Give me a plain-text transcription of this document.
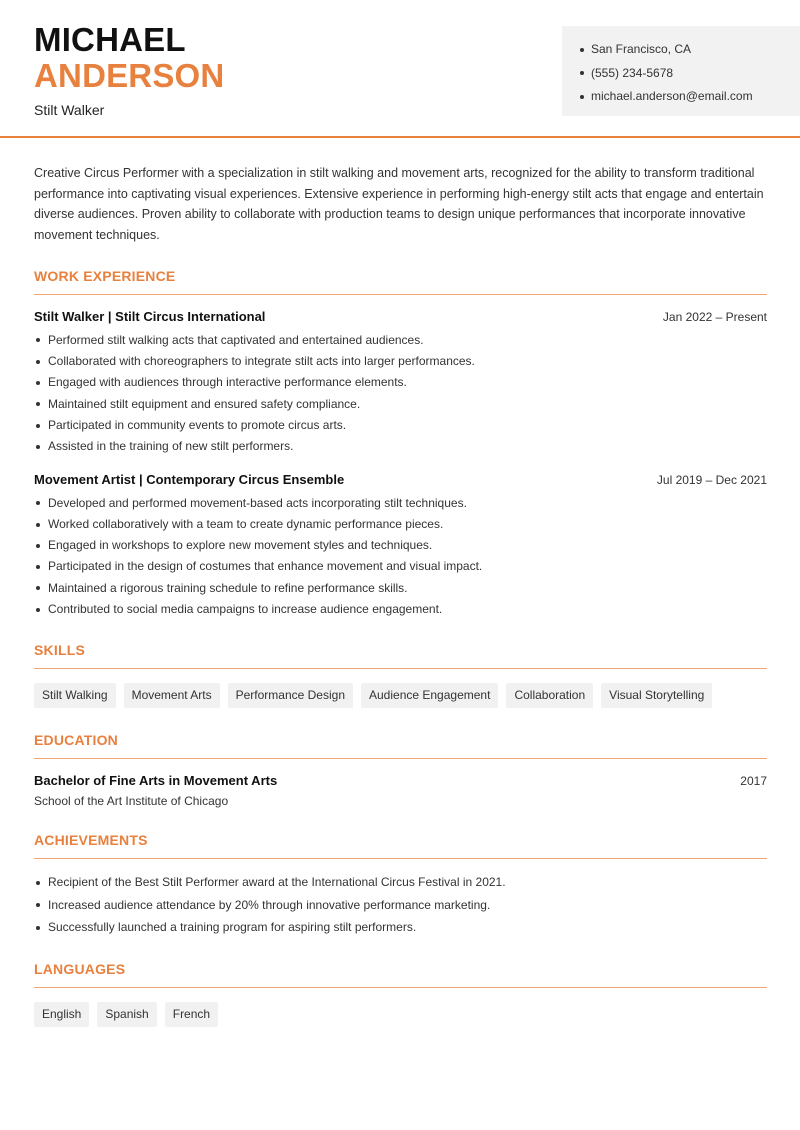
MICHAEL
ANDERSON
Stilt Walker
San Francisco, CA
(555) 234-5678
michael.anderson@email.com

Creative Circus Performer with a specialization in stilt walking and movement arts, recognized for the ability to transform traditional performance into captivating visual experiences. Extensive experience in performing high-energy stilt acts that engage and entertain diverse audiences. Proven ability to collaborate with production teams to design unique performances that incorporate innovative movement techniques.

WORK EXPERIENCE
Stilt Walker | Stilt Circus International	Jan 2022 – Present
Performed stilt walking acts that captivated and entertained audiences.
Collaborated with choreographers to integrate stilt acts into larger performances.
Engaged with audiences through interactive performance elements.
Maintained stilt equipment and ensured safety compliance.
Participated in community events to promote circus arts.
Assisted in the training of new stilt performers.
Movement Artist | Contemporary Circus Ensemble	Jul 2019 – Dec 2021
Developed and performed movement-based acts incorporating stilt techniques.
Worked collaboratively with a team to create dynamic performance pieces.
Engaged in workshops to explore new movement styles and techniques.
Participated in the design of costumes that enhance movement and visual impact.
Maintained a rigorous training schedule to refine performance skills.
Contributed to social media campaigns to increase audience engagement.
SKILLS
Stilt Walking	Movement Arts	Performance Design	Audience Engagement	Collaboration	Visual Storytelling
EDUCATION
Bachelor of Fine Arts in Movement Arts	2017
School of the Art Institute of Chicago
ACHIEVEMENTS
Recipient of the Best Stilt Performer award at the International Circus Festival in 2021.
Increased audience attendance by 20% through innovative performance marketing.
Successfully launched a training program for aspiring stilt performers.
LANGUAGES
English	Spanish	French
